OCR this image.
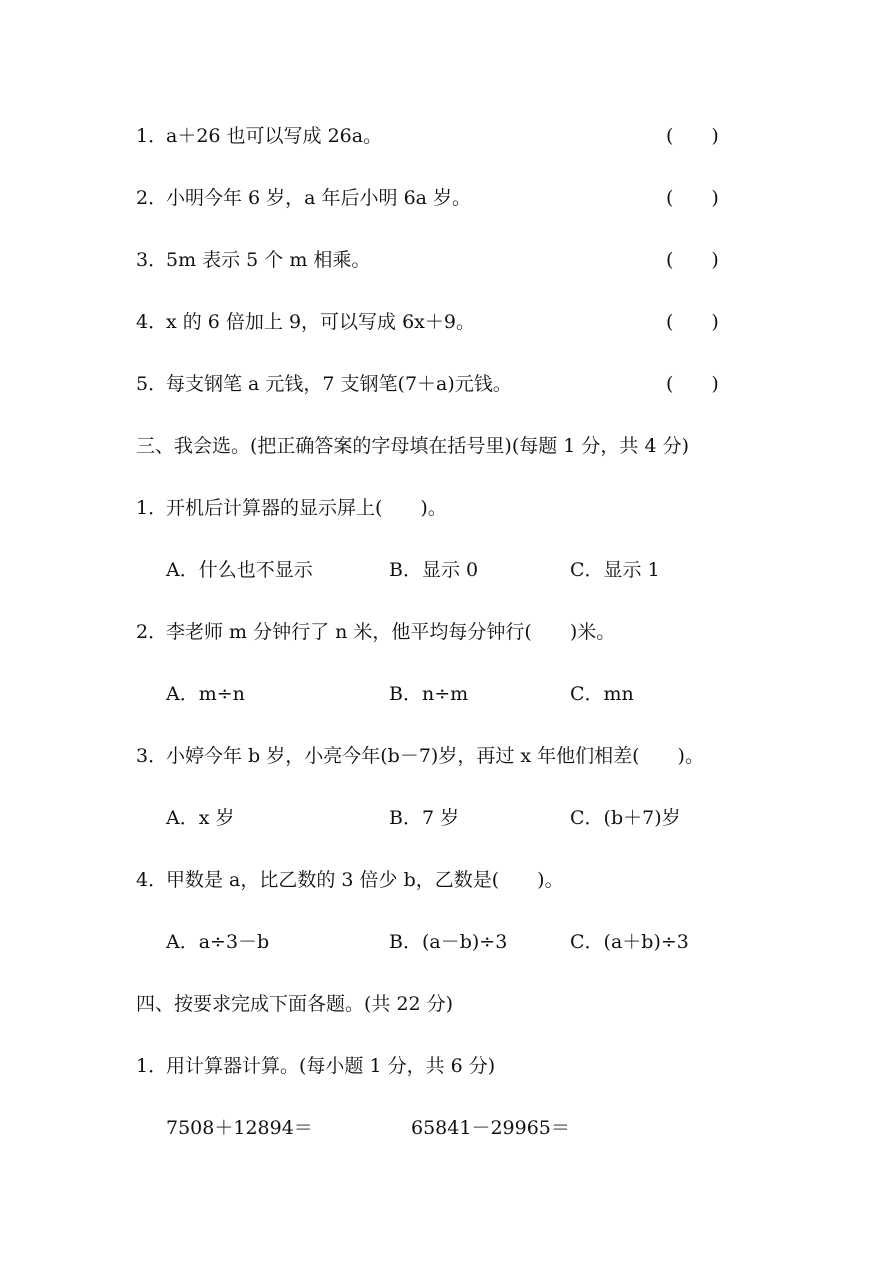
1．
a＋26 也可以写成 26a。	(　　)
2．
小明今年 6 岁，a 年后小明 6a 岁。	(　　)
3．
5m 表示 5 个 m 相乘。	(　　)
4．
x 的 6 倍加上 9，可以写成 6x＋9。	(　　)
5．
每支钢笔 a 元钱，7 支钢笔(7＋a)元钱。	(　　)
三、我会选。(把正确答案的字母填在括号里)(每题 1 分，共 4 分)
1．
开机后计算器的显示屏上(　　)。
A．什么也不显示	B．显示 0	C．显示 1
2．
李老师 m 分钟行了 n 米，他平均每分钟行(　　)米。
A．m÷n	B．n÷m	C．mn
3．
小婷今年 b 岁，小亮今年(b－7)岁，再过 x 年他们相差(　　)。
A．x 岁	B．7 岁	C．(b＋7)岁
4．
甲数是 a，比乙数的 3 倍少 b，乙数是(　　)。
A．a÷3－b	B．(a－b)÷3	C．(a＋b)÷3
四、按要求完成下面各题。(共 22 分)
1．
用计算器计算。(每小题 1 分，共 6 分)
7508＋12894＝	65841－29965＝
